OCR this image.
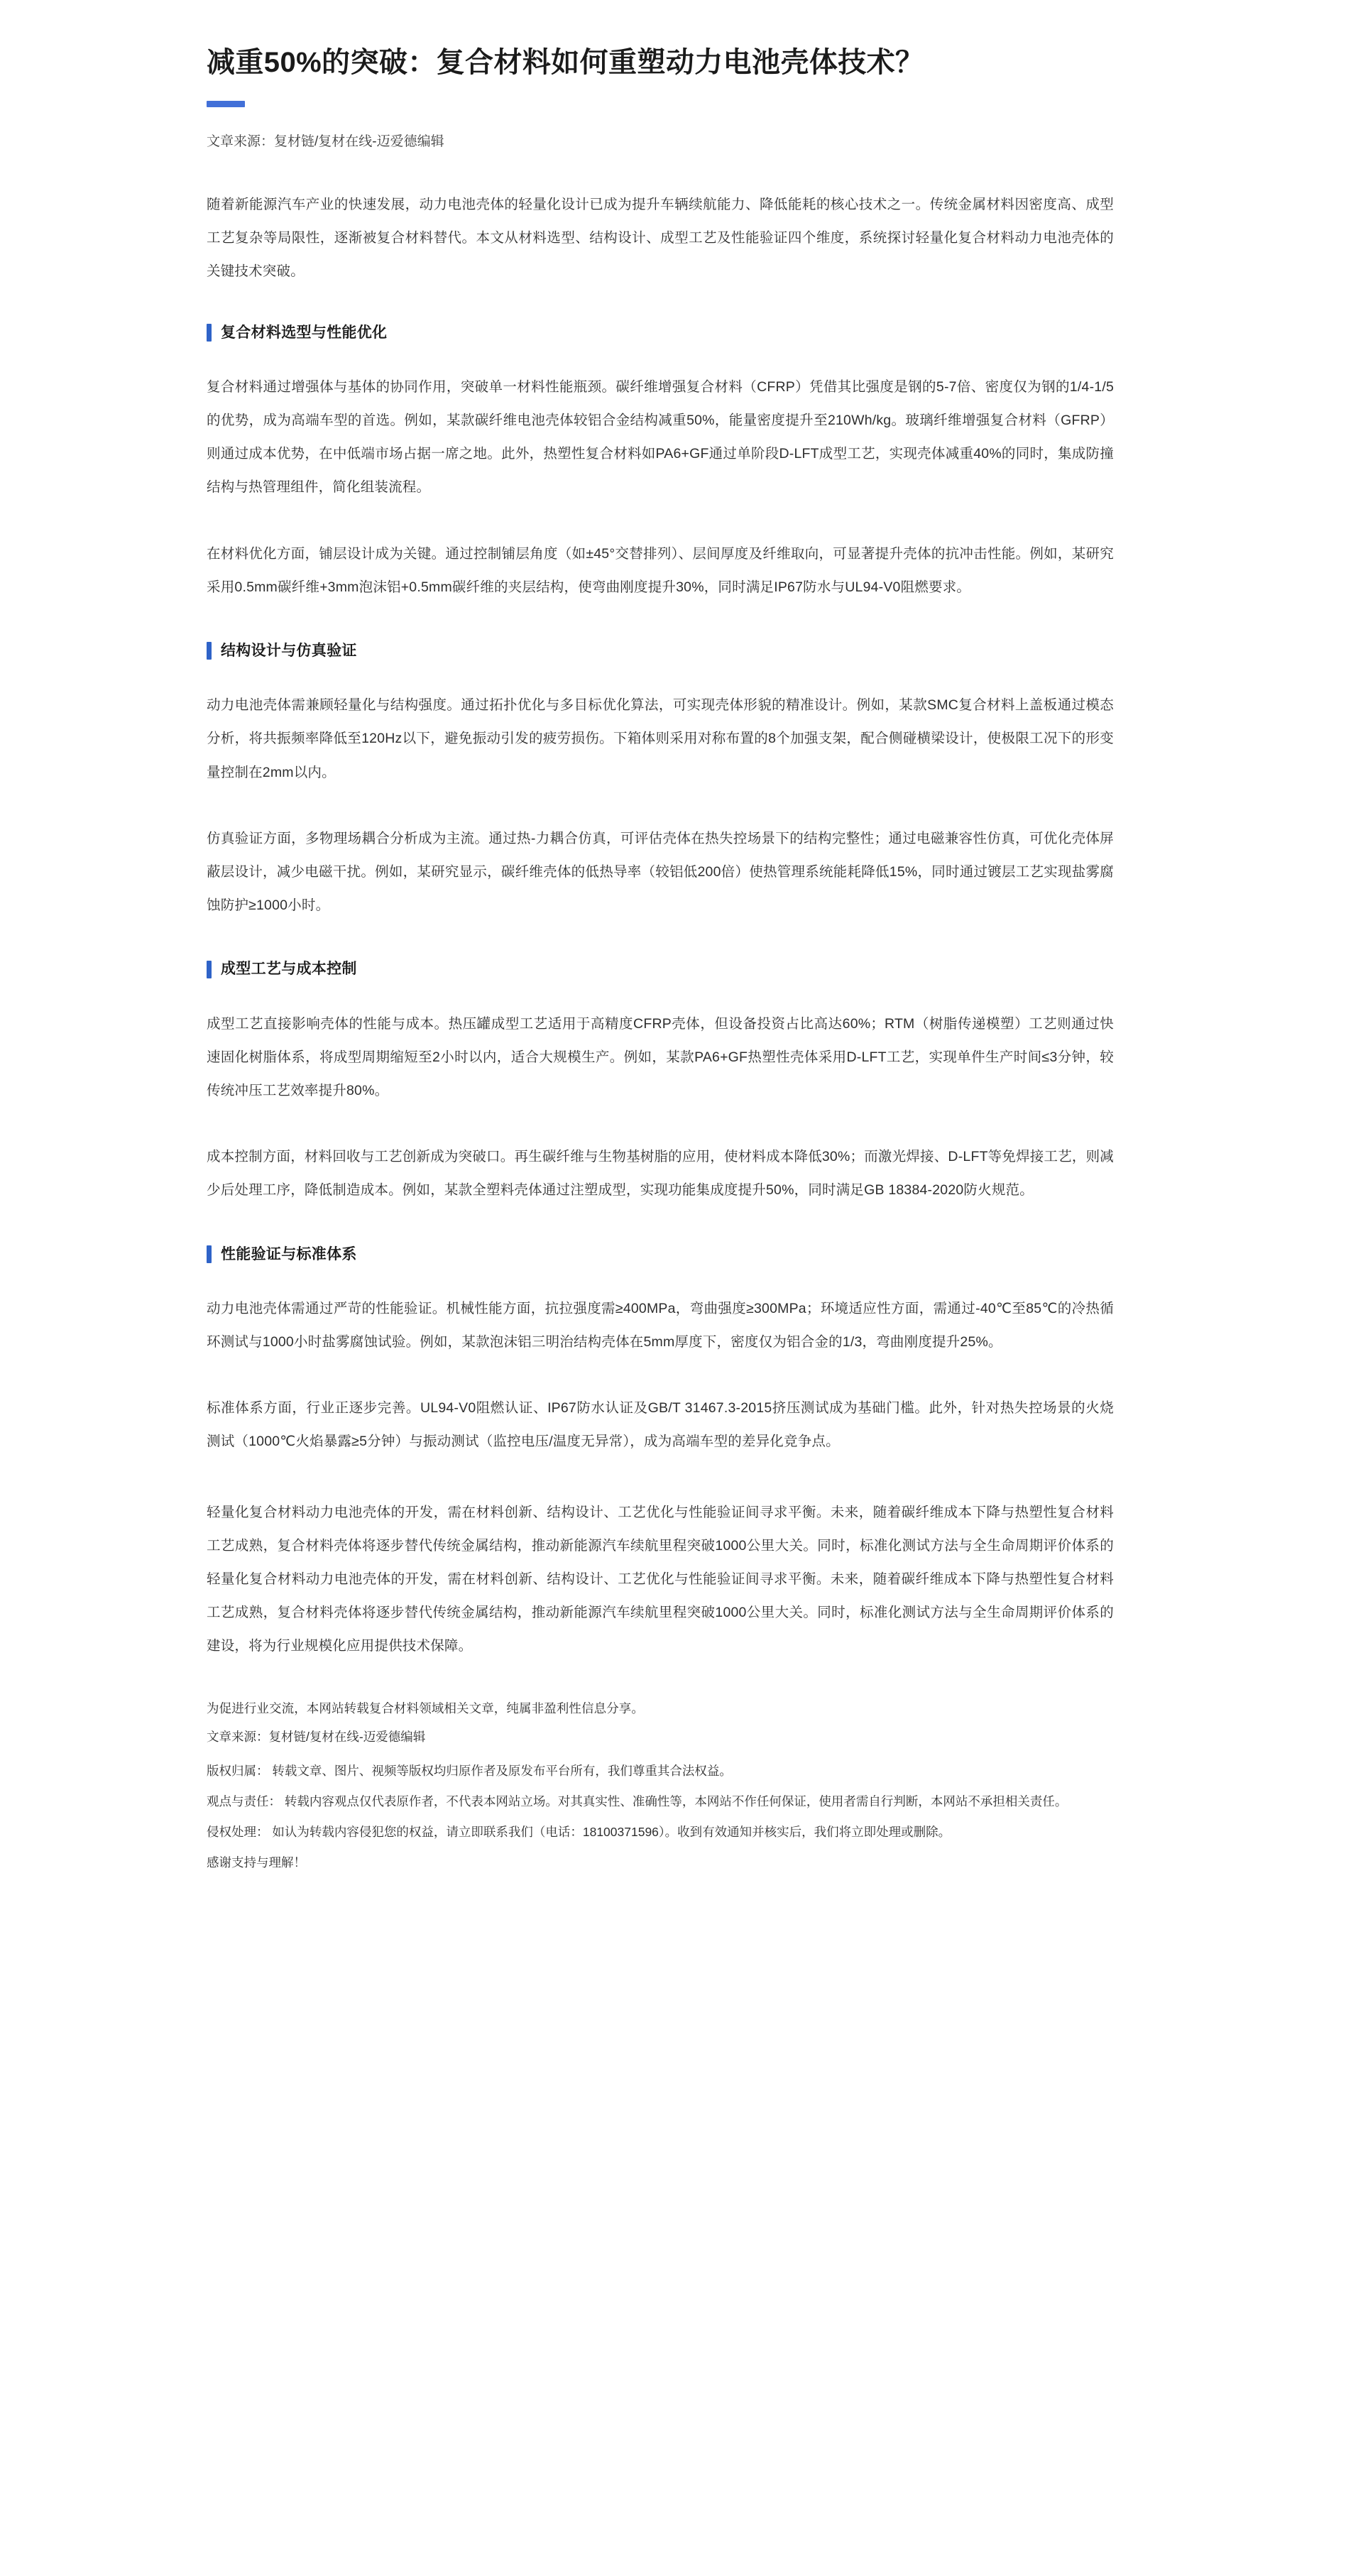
减重50%的突破：复合材料如何重塑动力电池壳体技术？

文章来源：复材链/复材在线-迈爱德编辑

随着新能源汽车产业的快速发展，动力电池壳体的轻量化设计已成为提升车辆续航能力、降低能耗的核心技术之一。传统金属材料因密度高、成型工艺复杂等局限性，逐渐被复合材料替代。本文从材料选型、结构设计、成型工艺及性能验证四个维度，系统探讨轻量化复合材料动力电池壳体的关键技术突破。

复合材料选型与性能优化

复合材料通过增强体与基体的协同作用，突破单一材料性能瓶颈。碳纤维增强复合材料（CFRP）凭借其比强度是钢的5-7倍、密度仅为钢的1/4-1/5的优势，成为高端车型的首选。例如，某款碳纤维电池壳体较铝合金结构减重50%，能量密度提升至210Wh/kg。玻璃纤维增强复合材料（GFRP）则通过成本优势，在中低端市场占据一席之地。此外，热塑性复合材料如PA6+GF通过单阶段D-LFT成型工艺，实现壳体减重40%的同时，集成防撞结构与热管理组件，简化组装流程。

在材料优化方面，铺层设计成为关键。通过控制铺层角度（如±45°交替排列）、层间厚度及纤维取向，可显著提升壳体的抗冲击性能。例如，某研究采用0.5mm碳纤维+3mm泡沫铝+0.5mm碳纤维的夹层结构，使弯曲刚度提升30%，同时满足IP67防水与UL94-V0阻燃要求。

结构设计与仿真验证

动力电池壳体需兼顾轻量化与结构强度。通过拓扑优化与多目标优化算法，可实现壳体形貌的精准设计。例如，某款SMC复合材料上盖板通过模态分析，将共振频率降低至120Hz以下，避免振动引发的疲劳损伤。下箱体则采用对称布置的8个加强支架，配合侧碰横梁设计，使极限工况下的形变量控制在2mm以内。

仿真验证方面，多物理场耦合分析成为主流。通过热-力耦合仿真，可评估壳体在热失控场景下的结构完整性；通过电磁兼容性仿真，可优化壳体屏蔽层设计，减少电磁干扰。例如，某研究显示，碳纤维壳体的低热导率（较铝低200倍）使热管理系统能耗降低15%，同时通过镀层工艺实现盐雾腐蚀防护≥1000小时。

成型工艺与成本控制

成型工艺直接影响壳体的性能与成本。热压罐成型工艺适用于高精度CFRP壳体，但设备投资占比高达60%；RTM（树脂传递模塑）工艺则通过快速固化树脂体系，将成型周期缩短至2小时以内，适合大规模生产。例如，某款PA6+GF热塑性壳体采用D-LFT工艺，实现单件生产时间≤3分钟，较传统冲压工艺效率提升80%。

成本控制方面，材料回收与工艺创新成为突破口。再生碳纤维与生物基树脂的应用，使材料成本降低30%；而激光焊接、D-LFT等免焊接工艺，则减少后处理工序，降低制造成本。例如，某款全塑料壳体通过注塑成型，实现功能集成度提升50%，同时满足GB 18384-2020防火规范。

性能验证与标准体系

动力电池壳体需通过严苛的性能验证。机械性能方面，抗拉强度需≥400MPa，弯曲强度≥300MPa；环境适应性方面，需通过-40℃至85℃的冷热循环测试与1000小时盐雾腐蚀试验。例如，某款泡沫铝三明治结构壳体在5mm厚度下，密度仅为铝合金的1/3，弯曲刚度提升25%。

标准体系方面，行业正逐步完善。UL94-V0阻燃认证、IP67防水认证及GB/T 31467.3-2015挤压测试成为基础门槛。此外，针对热失控场景的火烧测试（1000℃火焰暴露≥5分钟）与振动测试（监控电压/温度无异常），成为高端车型的差异化竞争点。

轻量化复合材料动力电池壳体的开发，需在材料创新、结构设计、工艺优化与性能验证间寻求平衡。未来，随着碳纤维成本下降与热塑性复合材料工艺成熟，复合材料壳体将逐步替代传统金属结构，推动新能源汽车续航里程突破1000公里大关。同时，标准化测试方法与全生命周期评价体系的轻量化复合材料动力电池壳体的开发，需在材料创新、结构设计、工艺优化与性能验证间寻求平衡。未来，随着碳纤维成本下降与热塑性复合材料工艺成熟，复合材料壳体将逐步替代传统金属结构，推动新能源汽车续航里程突破1000公里大关。同时，标准化测试方法与全生命周期评价体系的建设，将为行业规模化应用提供技术保障。

为促进行业交流，本网站转载复合材料领域相关文章，纯属非盈利性信息分享。

文章来源：复材链/复材在线-迈爱德编辑

版权归属： 转载文章、图片、视频等版权均归原作者及原发布平台所有，我们尊重其合法权益。

观点与责任： 转载内容观点仅代表原作者，不代表本网站立场。对其真实性、准确性等，本网站不作任何保证，使用者需自行判断，本网站不承担相关责任。

侵权处理： 如认为转载内容侵犯您的权益，请立即联系我们（电话：18100371596）。收到有效通知并核实后，我们将立即处理或删除。

感谢支持与理解！
